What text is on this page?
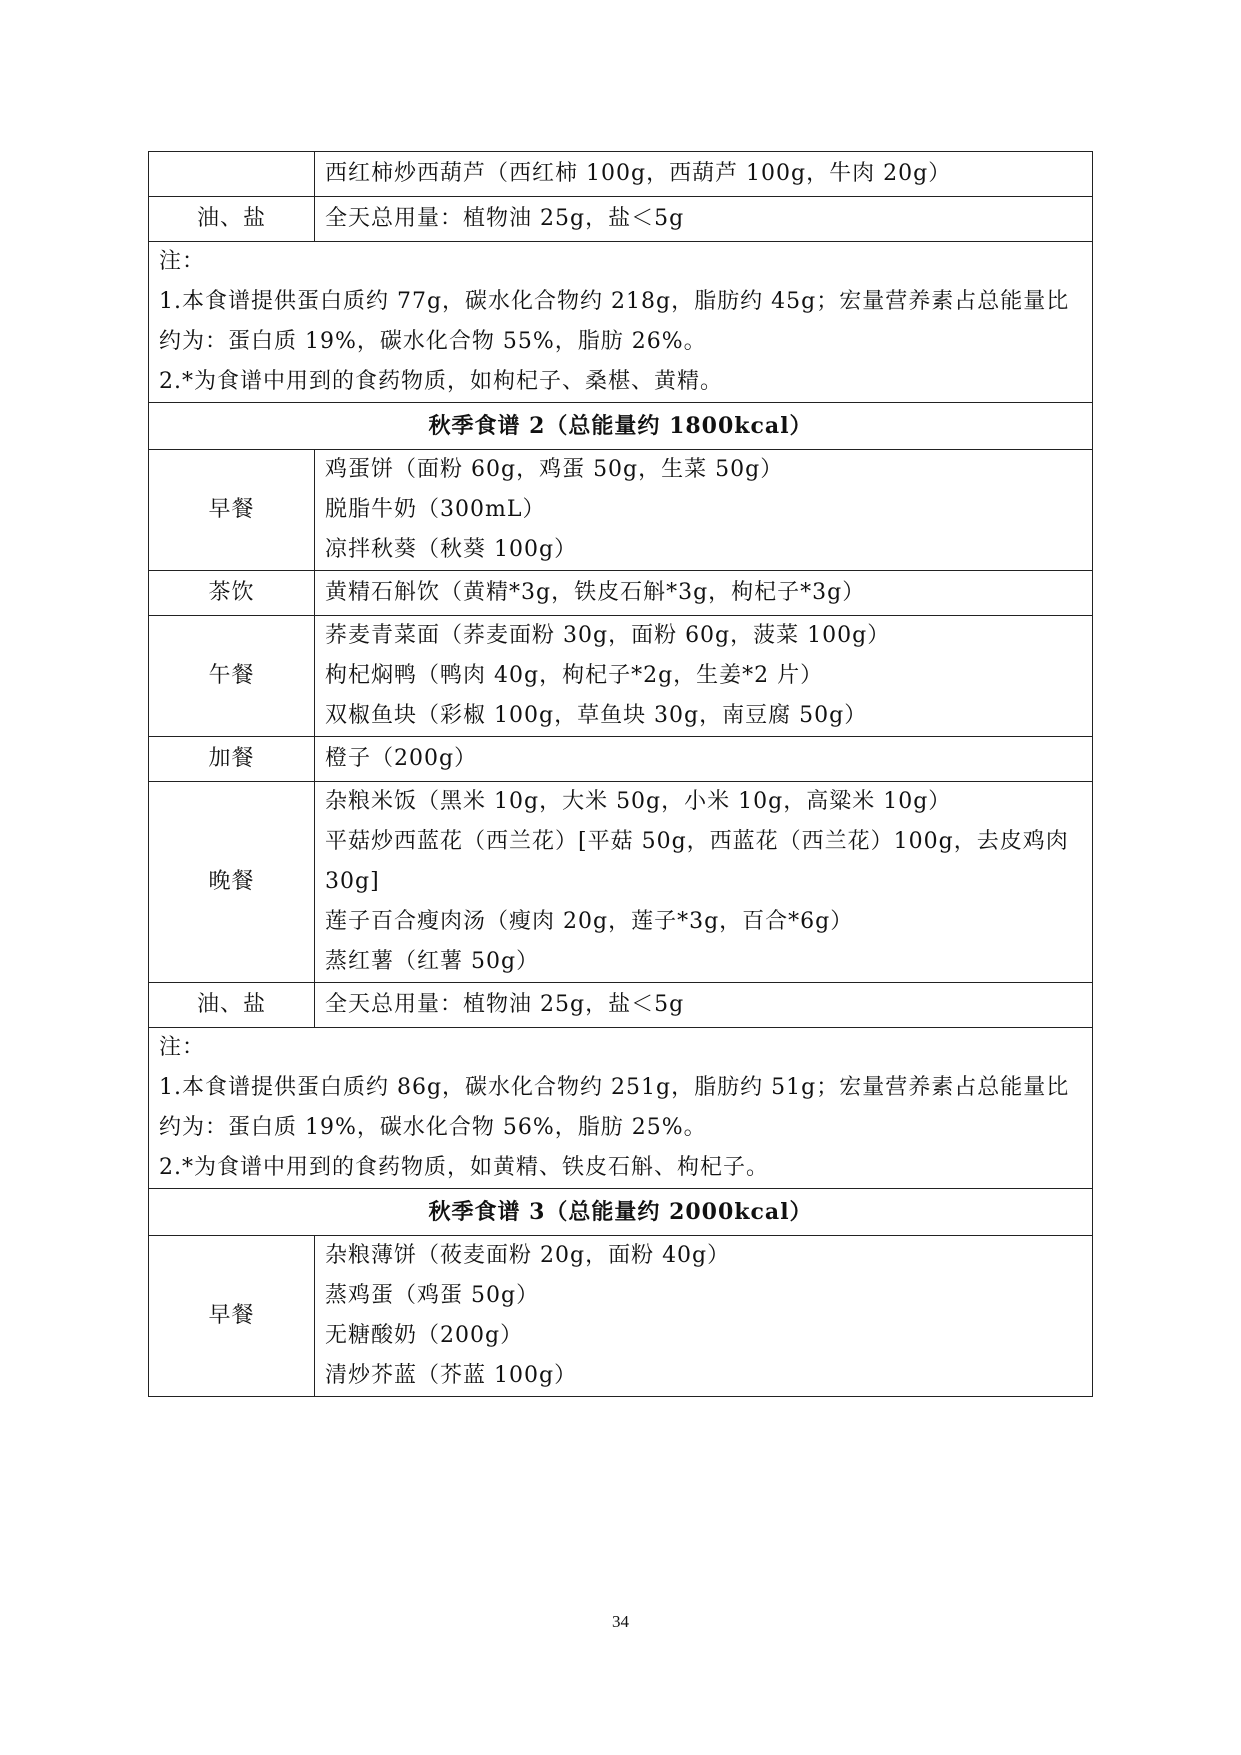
	西红柿炒西葫芦（西红柿 100g，西葫芦 100g，牛肉 20g）

油、盐	全天总用量：植物油 25g，盐＜5g

注：
1.本食谱提供蛋白质约 77g，碳水化合物约 218g，脂肪约 45g；宏量营养素占总能量比约为：蛋白质 19%，碳水化合物 55%，脂肪 26%。
2.*为食谱中用到的食药物质，如枸杞子、桑椹、黄精。	

秋季食谱 2（总能量约 1800kcal）	
早餐	鸡蛋饼（面粉 60g，鸡蛋 50g，生菜 50g）
脱脂牛奶（300mL）
凉拌秋葵（秋葵 100g）

茶饮	黄精石斛饮（黄精*3g，铁皮石斛*3g，枸杞子*3g）

午餐	荞麦青菜面（荞麦面粉 30g，面粉 60g，菠菜 100g）
枸杞焖鸭（鸭肉 40g，枸杞子*2g，生姜*2 片）
双椒鱼块（彩椒 100g，草鱼块 30g，南豆腐 50g）

加餐	橙子（200g）

晚餐	杂粮米饭（黑米 10g，大米 50g，小米 10g，高粱米 10g）
平菇炒西蓝花（西兰花）[平菇 50g，西蓝花（西兰花）100g，去皮鸡肉 30g]
莲子百合瘦肉汤（瘦肉 20g，莲子*3g，百合*6g）
蒸红薯（红薯 50g）

油、盐	全天总用量：植物油 25g，盐＜5g

注：
1.本食谱提供蛋白质约 86g，碳水化合物约 251g，脂肪约 51g；宏量营养素占总能量比约为：蛋白质 19%，碳水化合物 56%，脂肪 25%。
2.*为食谱中用到的食药物质，如黄精、铁皮石斛、枸杞子。	

秋季食谱 3（总能量约 2000kcal）	
早餐	杂粮薄饼（莜麦面粉 20g，面粉 40g）
蒸鸡蛋（鸡蛋 50g）
无糖酸奶（200g）
清炒芥蓝（芥蓝 100g）
34
